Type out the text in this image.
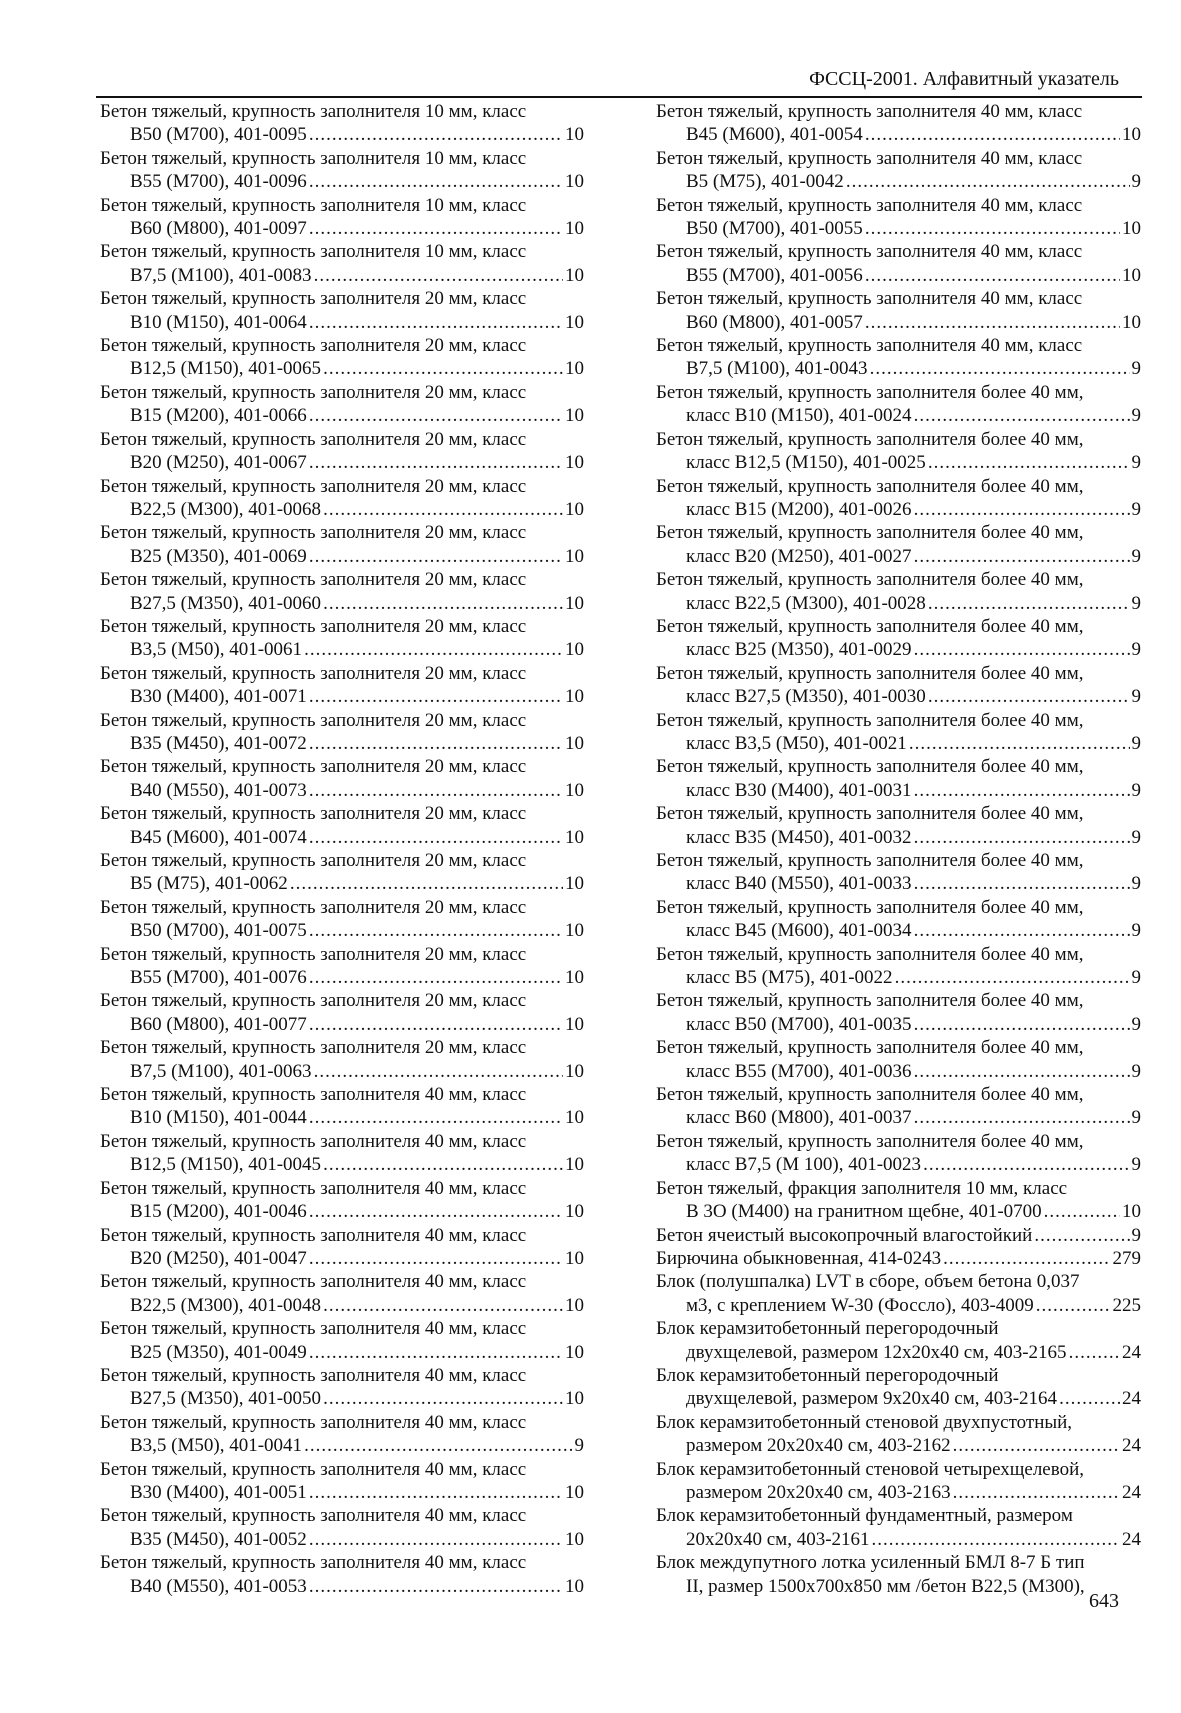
ФССЦ-2001. Алфавитный указатель
Бетон тяжелый, крупность заполнителя 10 мм, класс
В50 (М700), 401-0095 .....	10
Бетон тяжелый, крупность заполнителя 10 мм, класс
В55 (М700), 401-0096 .....	10
Бетон тяжелый, крупность заполнителя 10 мм, класс
В60 (М800), 401-0097 .....	10
Бетон тяжелый, крупность заполнителя 10 мм, класс
В7,5 (М100), 401-0083 .....	10
Бетон тяжелый, крупность заполнителя 20 мм, класс
В10 (М150), 401-0064 .....	10
Бетон тяжелый, крупность заполнителя 20 мм, класс
В12,5 (М150), 401-0065 .....	10
Бетон тяжелый, крупность заполнителя 20 мм, класс
В15 (М200), 401-0066 .....	10
Бетон тяжелый, крупность заполнителя 20 мм, класс
В20 (М250), 401-0067 .....	10
Бетон тяжелый, крупность заполнителя 20 мм, класс
В22,5 (М300), 401-0068 .....	10
Бетон тяжелый, крупность заполнителя 20 мм, класс
В25 (М350), 401-0069 .....	10
Бетон тяжелый, крупность заполнителя 20 мм, класс
В27,5 (М350), 401-0060 .....	10
Бетон тяжелый, крупность заполнителя 20 мм, класс
В3,5 (М50), 401-0061 .....	10
Бетон тяжелый, крупность заполнителя 20 мм, класс
В30 (М400), 401-0071 .....	10
Бетон тяжелый, крупность заполнителя 20 мм, класс
В35 (М450), 401-0072 .....	10
Бетон тяжелый, крупность заполнителя 20 мм, класс
В40 (М550), 401-0073 .....	10
Бетон тяжелый, крупность заполнителя 20 мм, класс
В45 (М600), 401-0074 .....	10
Бетон тяжелый, крупность заполнителя 20 мм, класс
В5 (М75), 401-0062 .....	10
Бетон тяжелый, крупность заполнителя 20 мм, класс
В50 (М700), 401-0075 .....	10
Бетон тяжелый, крупность заполнителя 20 мм, класс
В55 (М700), 401-0076 .....	10
Бетон тяжелый, крупность заполнителя 20 мм, класс
В60 (М800), 401-0077 .....	10
Бетон тяжелый, крупность заполнителя 20 мм, класс
В7,5 (М100), 401-0063 .....	10
Бетон тяжелый, крупность заполнителя 40 мм, класс
В10 (М150), 401-0044 .....	10
Бетон тяжелый, крупность заполнителя 40 мм, класс
В12,5 (М150), 401-0045 .....	10
Бетон тяжелый, крупность заполнителя 40 мм, класс
В15 (М200), 401-0046 .....	10
Бетон тяжелый, крупность заполнителя 40 мм, класс
В20 (М250), 401-0047 .....	10
Бетон тяжелый, крупность заполнителя 40 мм, класс
В22,5 (М300), 401-0048 .....	10
Бетон тяжелый, крупность заполнителя 40 мм, класс
В25 (М350), 401-0049 .....	10
Бетон тяжелый, крупность заполнителя 40 мм, класс
В27,5 (М350), 401-0050 .....	10
Бетон тяжелый, крупность заполнителя 40 мм, класс
В3,5 (М50), 401-0041 .....	9
Бетон тяжелый, крупность заполнителя 40 мм, класс
В30 (М400), 401-0051 .....	10
Бетон тяжелый, крупность заполнителя 40 мм, класс
В35 (М450), 401-0052 .....	10
Бетон тяжелый, крупность заполнителя 40 мм, класс
В40 (М550), 401-0053 .....	10
Бетон тяжелый, крупность заполнителя 40 мм, класс
В45 (М600), 401-0054 .....	10
Бетон тяжелый, крупность заполнителя 40 мм, класс
В5 (М75), 401-0042 .....	9
Бетон тяжелый, крупность заполнителя 40 мм, класс
В50 (М700), 401-0055 .....	10
Бетон тяжелый, крупность заполнителя 40 мм, класс
В55 (М700), 401-0056 .....	10
Бетон тяжелый, крупность заполнителя 40 мм, класс
В60 (М800), 401-0057 .....	10
Бетон тяжелый, крупность заполнителя 40 мм, класс
В7,5 (М100), 401-0043 .....	9
Бетон тяжелый, крупность заполнителя более 40 мм,
класс В10 (М150), 401-0024 .....	9
Бетон тяжелый, крупность заполнителя более 40 мм,
класс В12,5 (М150), 401-0025 .....	9
Бетон тяжелый, крупность заполнителя более 40 мм,
класс В15 (М200), 401-0026 .....	9
Бетон тяжелый, крупность заполнителя более 40 мм,
класс В20 (М250), 401-0027 .....	9
Бетон тяжелый, крупность заполнителя более 40 мм,
класс В22,5 (М300), 401-0028 .....	9
Бетон тяжелый, крупность заполнителя более 40 мм,
класс В25 (М350), 401-0029 .....	9
Бетон тяжелый, крупность заполнителя более 40 мм,
класс В27,5 (М350), 401-0030 .....	9
Бетон тяжелый, крупность заполнителя более 40 мм,
класс В3,5 (М50), 401-0021 .....	9
Бетон тяжелый, крупность заполнителя более 40 мм,
класс В30 (М400), 401-0031 .....	9
Бетон тяжелый, крупность заполнителя более 40 мм,
класс В35 (М450), 401-0032 .....	9
Бетон тяжелый, крупность заполнителя более 40 мм,
класс В40 (М550), 401-0033 .....	9
Бетон тяжелый, крупность заполнителя более 40 мм,
класс В45 (М600), 401-0034 .....	9
Бетон тяжелый, крупность заполнителя более 40 мм,
класс В5 (М75), 401-0022 .....	9
Бетон тяжелый, крупность заполнителя более 40 мм,
класс В50 (М700), 401-0035 .....	9
Бетон тяжелый, крупность заполнителя более 40 мм,
класс В55 (М700), 401-0036 .....	9
Бетон тяжелый, крупность заполнителя более 40 мм,
класс В60 (М800), 401-0037 .....	9
Бетон тяжелый, крупность заполнителя более 40 мм,
класс В7,5 (М 100), 401-0023 .....	9
Бетон тяжелый, фракция заполнителя 10 мм, класс
В 3О (М400) на гранитном щебне, 401-0700 .....	10
Бетон ячеистый высокопрочный влагостойкий .....	9
Бирючина обыкновенная, 414-0243 .....	279
Блок (полушпалка) LVT в сборе, объем бетона 0,037
м3, с креплением W-30 (Фоссло), 403-4009 .....	225
Блок керамзитобетонный перегородочный
двухщелевой, размером 12х20х40 см, 403-2165 .....	24
Блок керамзитобетонный перегородочный
двухщелевой, размером 9х20х40 см, 403-2164 .....	24
Блок керамзитобетонный стеновой двухпустотный,
размером 20х20х40 см, 403-2162 .....	24
Блок керамзитобетонный стеновой четырехщелевой,
размером 20х20х40 см, 403-2163 .....	24
Блок керамзитобетонный фундаментный, размером
20х20х40 см, 403-2161 .....	24
Блок междупутного лотка усиленный БМЛ 8-7 Б тип
II, размер 1500х700х850 мм /бетон В22,5 (М300),
643
